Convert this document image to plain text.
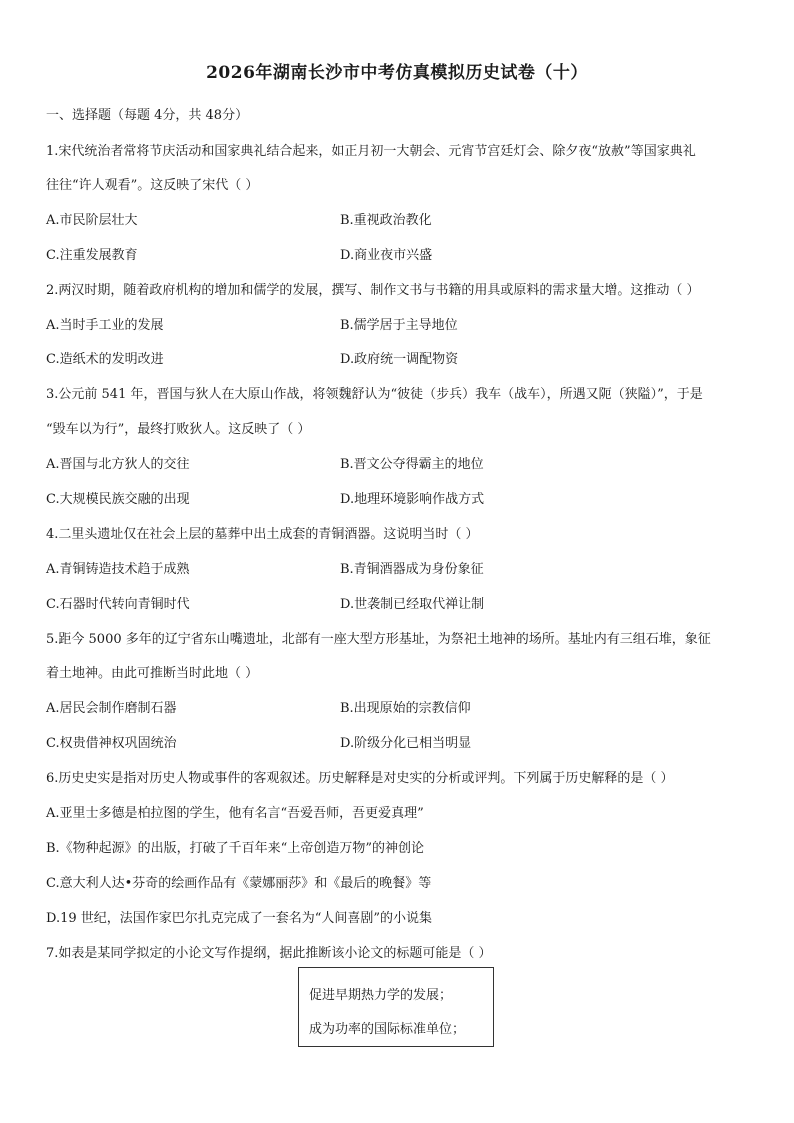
2026年湖南长沙市中考仿真模拟历史试卷（十）
一、选择题（每题 4分，共 48分）
1.宋代统治者常将节庆活动和国家典礼结合起来，如正月初一大朝会、元宵节宫廷灯会、除夕夜“放赦”等国家典礼
往往“许人观看”。这反映了宋代（ ）
A.市民阶层壮大	B.重视政治教化
C.注重发展教育	D.商业夜市兴盛
2.两汉时期，随着政府机构的增加和儒学的发展，撰写、制作文书与书籍的用具或原料的需求量大增。这推动（ ）
A.当时手工业的发展	B.儒学居于主导地位
C.造纸术的发明改进	D.政府统一调配物资
3.公元前 541 年，晋国与狄人在大原山作战，将领魏舒认为“彼徒（步兵）我车（战车），所遇又阨（狭隘）”，于是
“毁车以为行”，最终打败狄人。这反映了（ ）
A.晋国与北方狄人的交往	B.晋文公夺得霸主的地位
C.大规模民族交融的出现	D.地理环境影响作战方式
4.二里头遗址仅在社会上层的墓葬中出土成套的青铜酒器。这说明当时（ ）
A.青铜铸造技术趋于成熟	B.青铜酒器成为身份象征
C.石器时代转向青铜时代	D.世袭制已经取代禅让制
5.距今 5000 多年的辽宁省东山嘴遗址，北部有一座大型方形基址，为祭祀土地神的场所。基址内有三组石堆，象征
着土地神。由此可推断当时此地（ ）
A.居民会制作磨制石器	B.出现原始的宗教信仰
C.权贵借神权巩固统治	D.阶级分化已相当明显
6.历史史实是指对历史人物或事件的客观叙述。历史解释是对史实的分析或评判。下列属于历史解释的是（ ）
A.亚里士多德是柏拉图的学生，他有名言“吾爱吾师，吾更爱真理”
B.《物种起源》的出版，打破了千百年来“上帝创造万物”的神创论
C.意大利人达•芬奇的绘画作品有《蒙娜丽莎》和《最后的晚餐》等
D.19 世纪，法国作家巴尔扎克完成了一套名为“人间喜剧”的小说集
7.如表是某同学拟定的小论文写作提纲，据此推断该小论文的标题可能是（ ）
促进早期热力学的发展；
成为功率的国际标准单位；
